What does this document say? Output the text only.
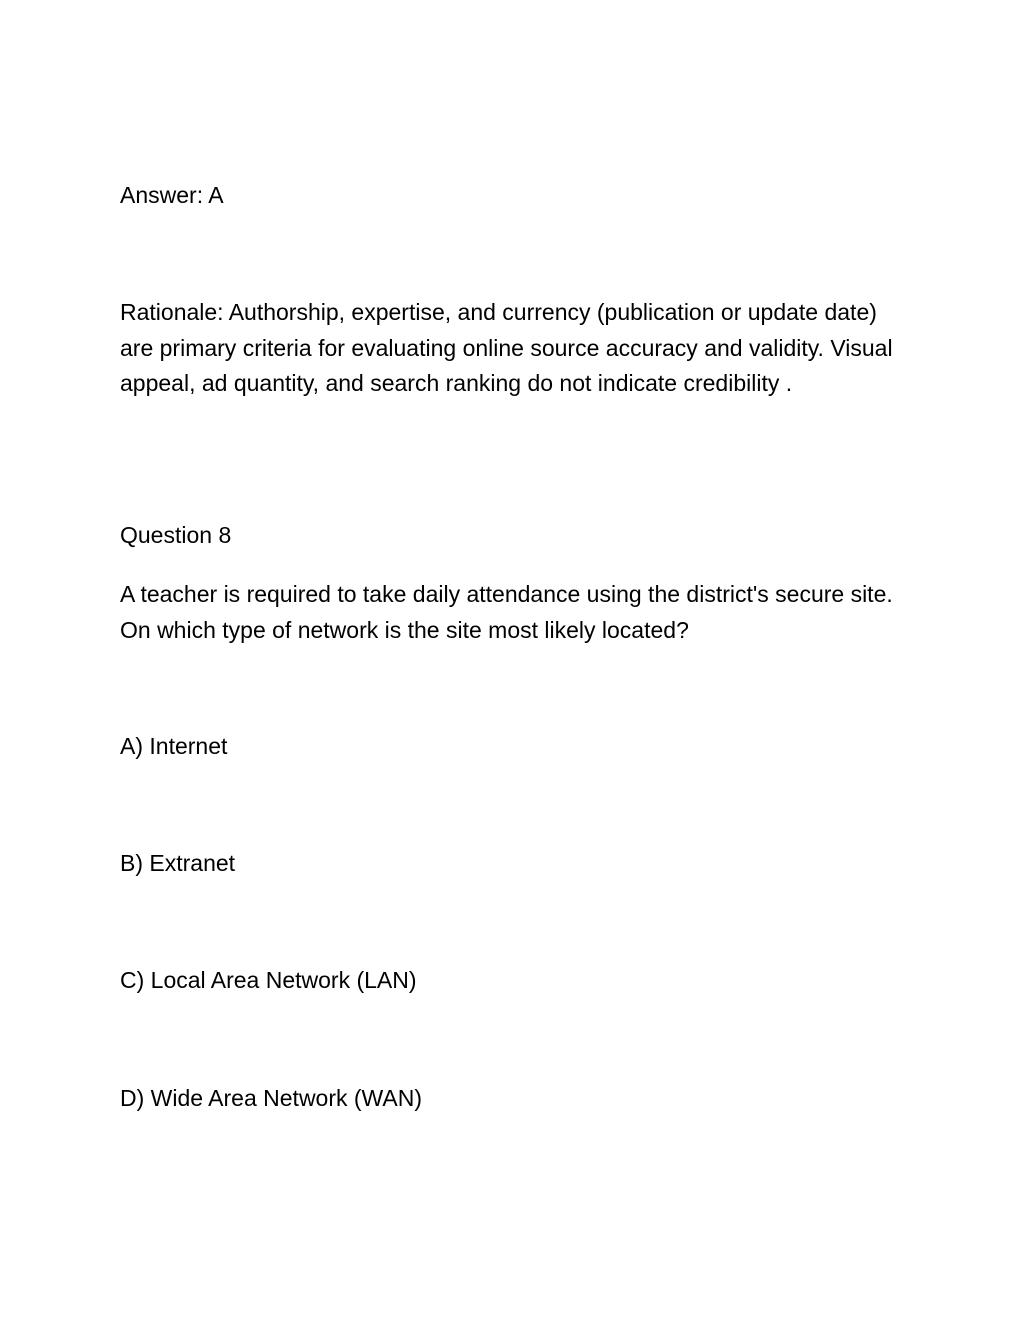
Answer: A
Rationale: Authorship, expertise, and currency (publication or update date) are primary criteria for evaluating online source accuracy and validity. Visual appeal, ad quantity, and search ranking do not indicate credibility .
Question 8
A teacher is required to take daily attendance using the district's secure site. On which type of network is the site most likely located?
A) Internet
B) Extranet
C) Local Area Network (LAN)
D) Wide Area Network (WAN)
